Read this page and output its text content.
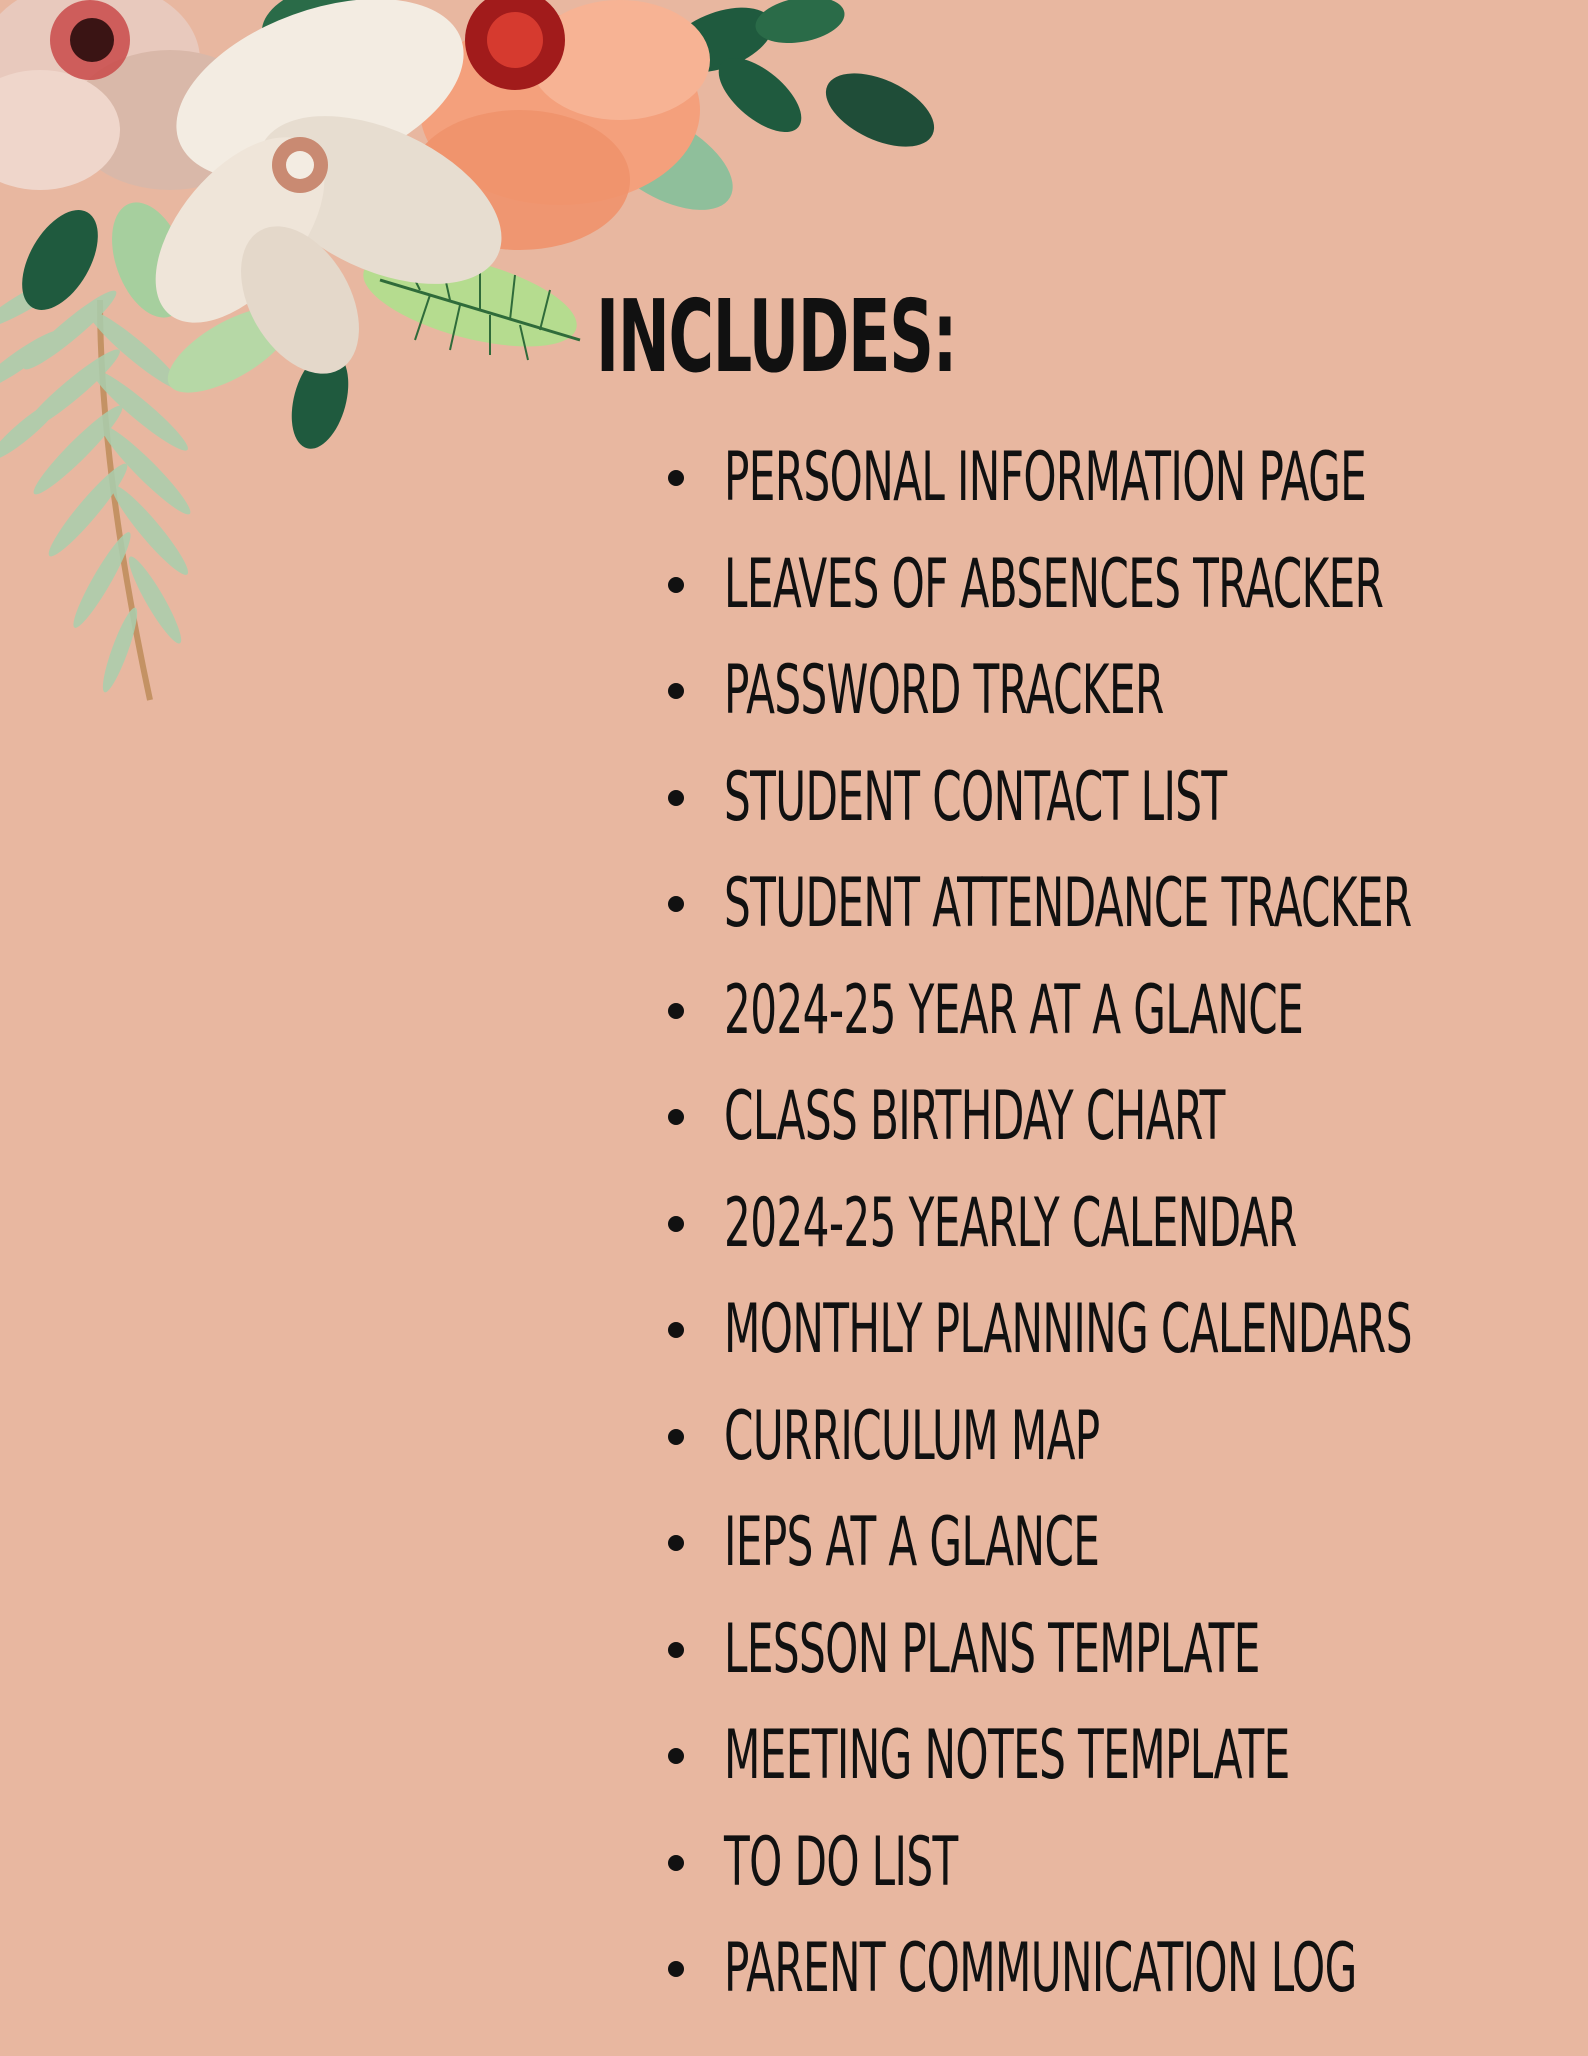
INCLUDES:
PERSONAL INFORMATION PAGE
LEAVES OF ABSENCES TRACKER
PASSWORD TRACKER
STUDENT CONTACT LIST
STUDENT ATTENDANCE TRACKER
2024-25 YEAR AT A GLANCE
CLASS BIRTHDAY CHART
2024-25 YEARLY CALENDAR
MONTHLY PLANNING CALENDARS
CURRICULUM MAP
IEPS AT A GLANCE
LESSON PLANS TEMPLATE
MEETING NOTES TEMPLATE
TO DO LIST
PARENT COMMUNICATION LOG
